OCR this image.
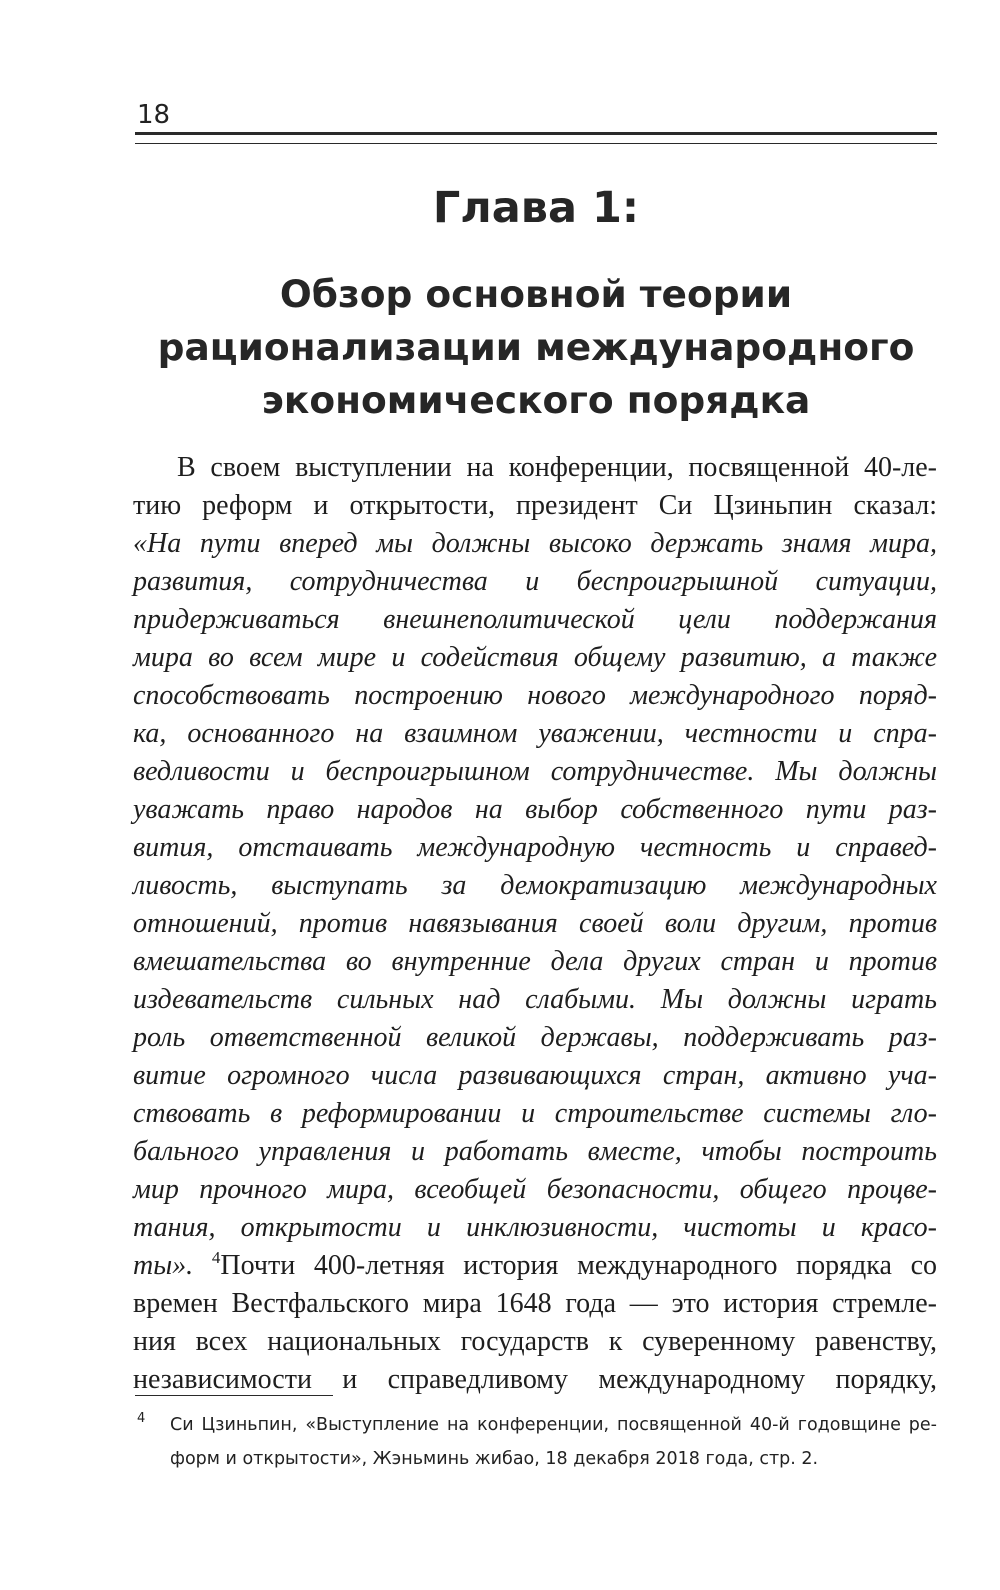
18
Глава 1:
Обзор основной теории
рационализации международного
экономического порядка
В своем выступлении на конференции, посвященной 40-ле-
тию реформ и открытости, президент Си Цзиньпин сказал:
«На пути вперед мы должны высоко держать знамя мира,
развития, сотрудничества и беспроигрышной ситуации,
придерживаться внешнеполитической цели поддержания
мира во всем мире и содействия общему развитию, а также
способствовать построению нового международного поряд-
ка, основанного на взаимном уважении, честности и спра-
ведливости и беспроигрышном сотрудничестве. Мы должны
уважать право народов на выбор собственного пути раз-
вития, отстаивать международную честность и справед-
ливость, выступать за демократизацию международных
отношений, против навязывания своей воли другим, против
вмешательства во внутренние дела других стран и против
издевательств сильных над слабыми. Мы должны играть
роль ответственной великой державы, поддерживать раз-
витие огромного числа развивающихся стран, активно уча-
ствовать в реформировании и строительстве системы гло-
бального управления и работать вместе, чтобы построить
мир прочного мира, всеобщей безопасности, общего процве-
тания, открытости и инклюзивности, чистоты и красо-
ты». $^4$Почти 400-летняя история международного порядка со
времен Вестфальского мира 1648 года — это история стремле-
ния всех национальных государств к суверенному равенству,
независимости и справедливому международному порядку,
4	Си Цзиньпин, «Выступление на конференции, посвященной 40-й годовщине ре-
форм и открытости», Жэньминь жибао, 18 декабря 2018 года, стр. 2.
